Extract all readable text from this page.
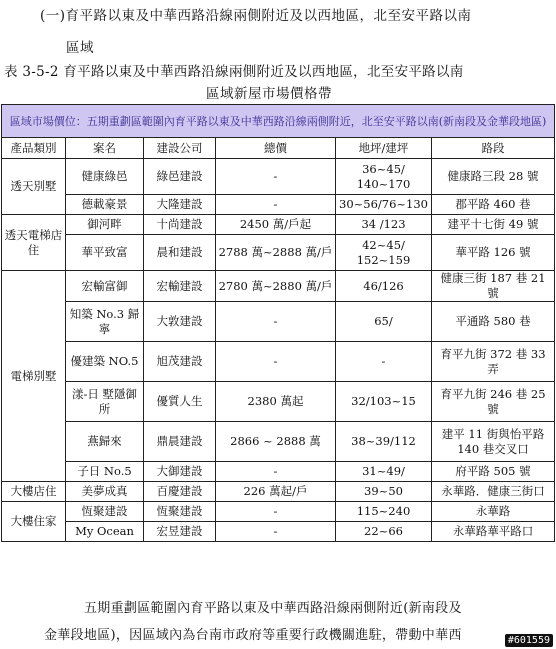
(一)育平路以東及中華西路沿線兩側附近及以西地區，北至安平路以南
區域
表 3-5-2 育平路以東及中華西路沿線兩側附近及以西地區，北至安平路以南
區域新屋市場價格帶
區域市場價位：五期重劃區範圍內育平路以東及中華西路沿線兩側附近，北至安平路以南(新南段及金華段地區)					
產品類別	案名	建設公司	總價	地坪/建坪	路段
透天別墅	健康綠邑	綠邑建設	-	36~45/ 140~170	健康路三段 28 號
	德載豪景	大隆建設	-	30~56/76~130	郡平路 460 巷
透天電梯店住	御河畔	十尚建設	2450 萬/戶起	34 /123	建平十七街 49 號
	華平致富	晨和建設	2788 萬~2888 萬/戶	42~45/ 152~159	華平路 126 號
電梯別墅	宏輸富御	宏輸建設	2780 萬~2880 萬/戶	46/126	健康三街 187 巷 21 號
	知築 No.3 歸寧	大敦建設	-	65/	平通路 580 巷
	優建築 NO.5	旭茂建設	-	-	育平九街 372 巷 33 弄
	漾-日 墅隱御所	優質人生	2380 萬起	32/103~15	育平九街 246 巷 25 號
	燕歸來	鼎晨建設	2866 ~ 2888 萬	38~39/112	建平 11 街與怡平路 140 巷交叉口
	子日 No.5	大御建設	-	31~49/	府平路 505 號
大樓店住	美夢成真	百慶建設	226 萬起/戶	39~50	永華路．健康三街口
大樓住家	恆聚建設	恆聚建設	-	115~240	永華路
	My Ocean	宏昱建設	-	22~66	永華路華平路口
五期重劃區範圍內育平路以東及中華西路沿線兩側附近(新南段及
金華段地區)，因區域內為台南市政府等重要行政機關進駐，帶動中華西	#601559
